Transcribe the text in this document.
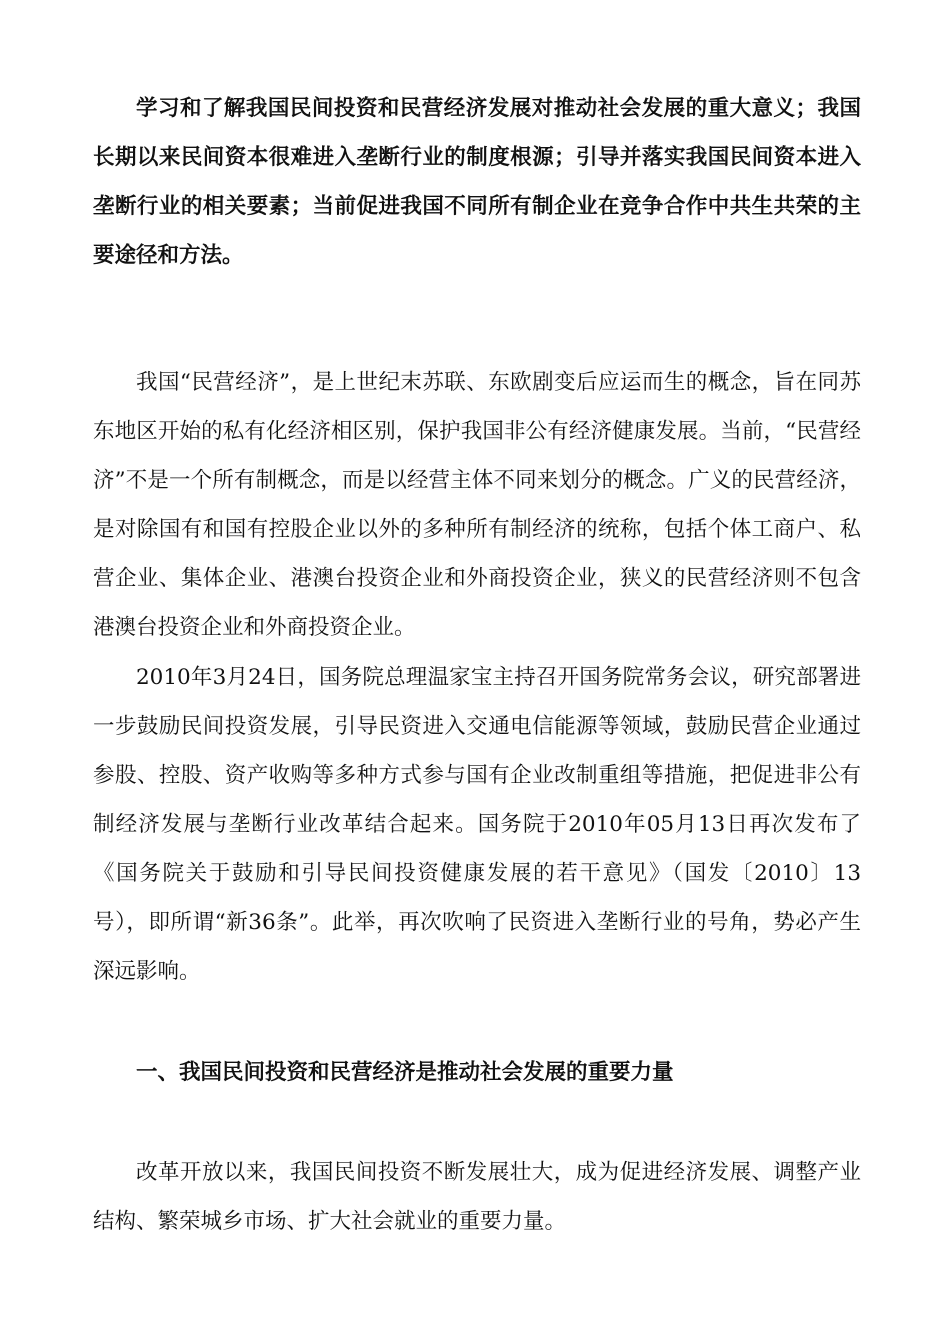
学习和了解我国民间投资和民营经济发展对推动社会发展的重大意义；我国长期以来民间资本很难进入垄断行业的制度根源；引导并落实我国民间资本进入垄断行业的相关要素；当前促进我国不同所有制企业在竞争合作中共生共荣的主要途径和方法。

我国“民营经济”，是上世纪末苏联、东欧剧变后应运而生的概念，旨在同苏东地区开始的私有化经济相区别，保护我国非公有经济健康发展。当前，“民营经济”不是一个所有制概念，而是以经营主体不同来划分的概念。广义的民营经济，是对除国有和国有控股企业以外的多种所有制经济的统称，包括个体工商户、私营企业、集体企业、港澳台投资企业和外商投资企业，狭义的民营经济则不包含港澳台投资企业和外商投资企业。

2010年3月24日，国务院总理温家宝主持召开国务院常务会议，研究部署进一步鼓励民间投资发展，引导民资进入交通电信能源等领域，鼓励民营企业通过参股、控股、资产收购等多种方式参与国有企业改制重组等措施，把促进非公有制经济发展与垄断行业改革结合起来。国务院于2010年05月13日再次发布了《国务院关于鼓励和引导民间投资健康发展的若干意见》（国发〔2010〕13号），即所谓“新36条”。此举，再次吹响了民资进入垄断行业的号角，势必产生深远影响。

一、我国民间投资和民营经济是推动社会发展的重要力量

改革开放以来，我国民间投资不断发展壮大，成为促进经济发展、调整产业结构、繁荣城乡市场、扩大社会就业的重要力量。
